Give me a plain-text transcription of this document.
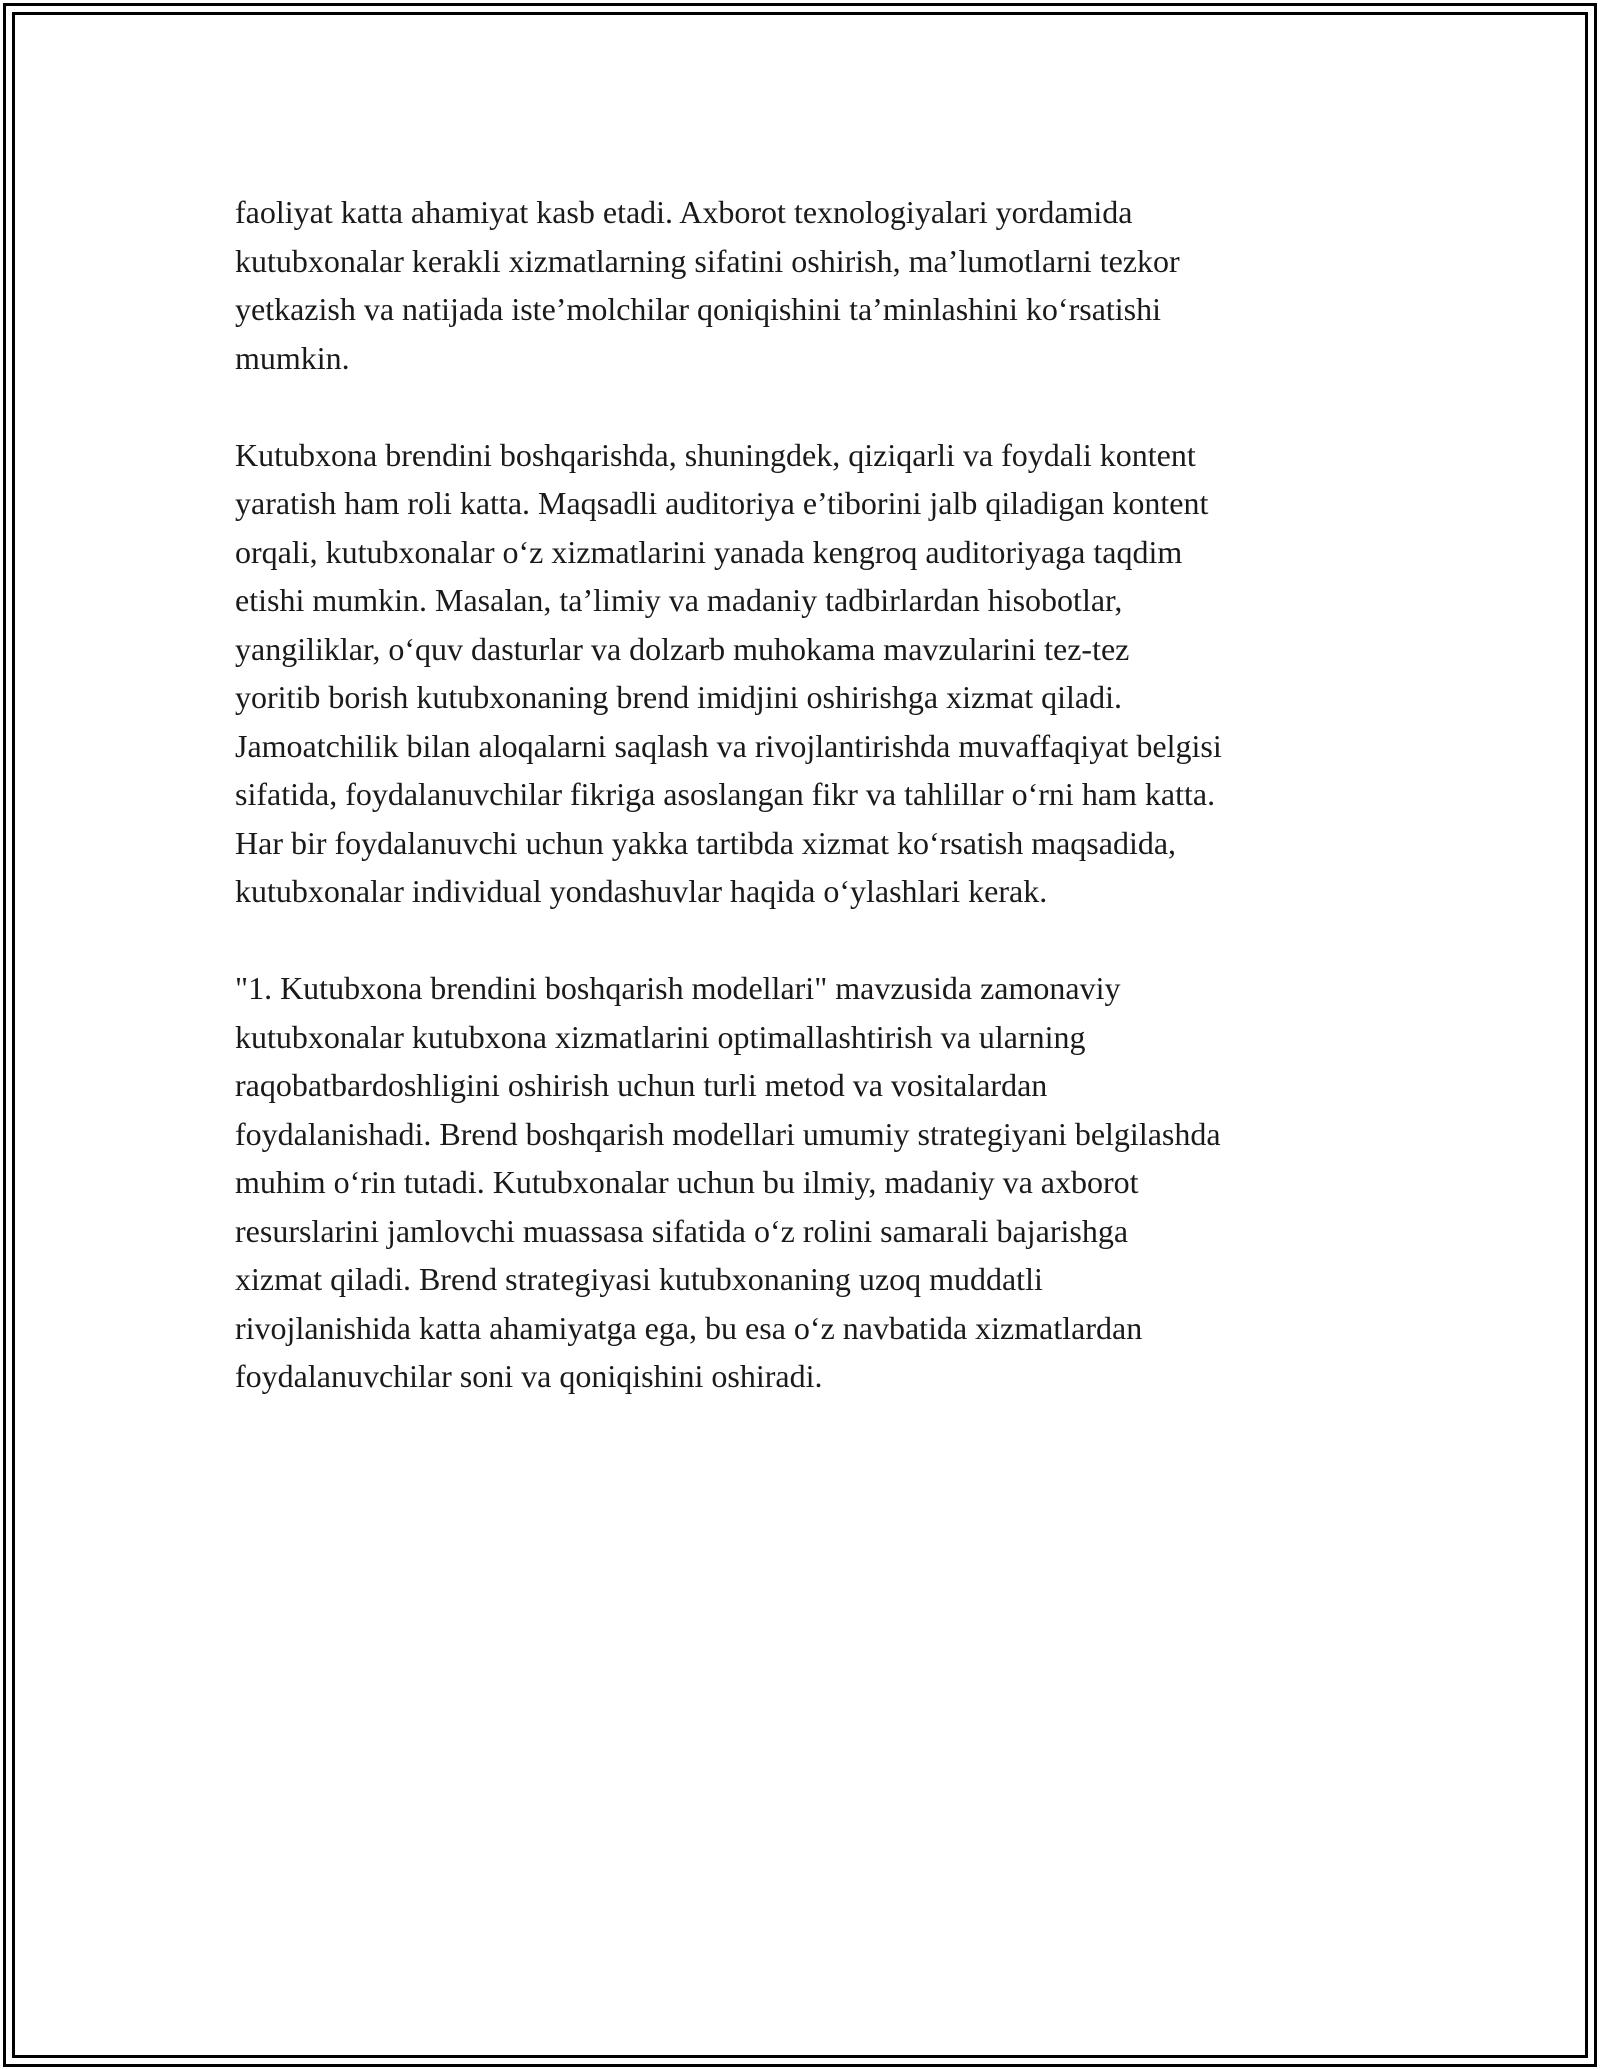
faoliyat katta ahamiyat kasb etadi. Axborot texnologiyalari yordamida
kutubxonalar kerakli xizmatlarning sifatini oshirish, ma’lumotlarni tezkor
yetkazish va natijada iste’molchilar qoniqishini ta’minlashini ko‘rsatishi
mumkin.

Kutubxona brendini boshqarishda, shuningdek, qiziqarli va foydali kontent
yaratish ham roli katta. Maqsadli auditoriya e’tiborini jalb qiladigan kontent
orqali, kutubxonalar o‘z xizmatlarini yanada kengroq auditoriyaga taqdim
etishi mumkin. Masalan, ta’limiy va madaniy tadbirlardan hisobotlar,
yangiliklar, o‘quv dasturlar va dolzarb muhokama mavzularini tez-tez
yoritib borish kutubxonaning brend imidjini oshirishga xizmat qiladi.
Jamoatchilik bilan aloqalarni saqlash va rivojlantirishda muvaffaqiyat belgisi
sifatida, foydalanuvchilar fikriga asoslangan fikr va tahlillar o‘rni ham katta.
Har bir foydalanuvchi uchun yakka tartibda xizmat ko‘rsatish maqsadida,
kutubxonalar individual yondashuvlar haqida o‘ylashlari kerak.

"1. Kutubxona brendini boshqarish modellari" mavzusida zamonaviy
kutubxonalar kutubxona xizmatlarini optimallashtirish va ularning
raqobatbardoshligini oshirish uchun turli metod va vositalardan
foydalanishadi. Brend boshqarish modellari umumiy strategiyani belgilashda
muhim o‘rin tutadi. Kutubxonalar uchun bu ilmiy, madaniy va axborot
resurslarini jamlovchi muassasa sifatida o‘z rolini samarali bajarishga
xizmat qiladi. Brend strategiyasi kutubxonaning uzoq muddatli
rivojlanishida katta ahamiyatga ega, bu esa o‘z navbatida xizmatlardan
foydalanuvchilar soni va qoniqishini oshiradi.
